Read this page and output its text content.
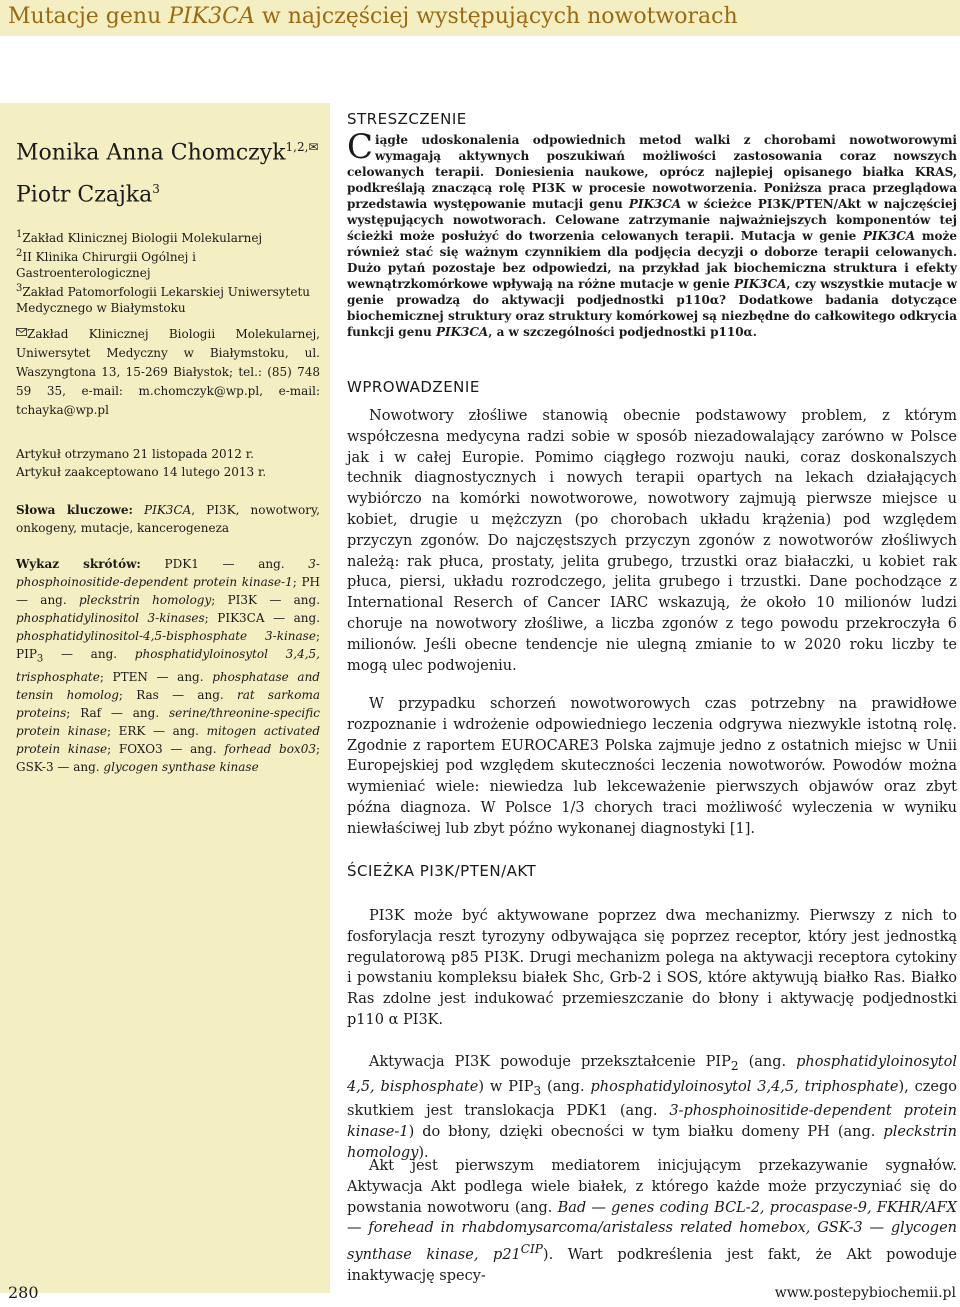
Mutacje genu PIK3CA w najczęściej występujących nowotworach
Monika Anna Chomczyk$^{1,2,✉}$
Piotr Czajka$^3$
$^1$Zakład Klinicznej Biologii Molekularnej
$^2$II Klinika Chirurgii Ogólnej i Gastroenterologicznej
$^3$Zakład Patomorfologii Lekarskiej Uniwersytetu Medycznego w Białymstoku
Zakład Klinicznej Biologii Molekularnej, Uniwersytet Medyczny w Białymstoku, ul. Waszyngtona 13, 15-269 Białystok; tel.: (85) 748 59 35, e-mail: m.chomczyk@wp.pl, e-mail: tchayka@wp.pl
Artykuł otrzymano 21 listopada 2012 r.
Artykuł zaakceptowano 14 lutego 2013 r.
Słowa kluczowe: PIK3CA, PI3K, nowotwory, onkogeny, mutacje, kancerogeneza
Wykaz skrótów: PDK1 — ang. 3-phosphoinositide-dependent protein kinase-1; PH — ang. pleckstrin homology; PI3K — ang. phosphatidylinositol 3-kinases; PIK3CA — ang. phosphatidylinositol-4,5-bisphosphate 3-kinase; $PIP_3$ — ang. phosphatidyloinosytol 3,4,5, trisphosphate; PTEN — ang. phosphatase and tensin homolog; Ras — ang. rat sarkoma proteins; Raf — ang. serine/threonine-specific protein kinase; ERK — ang. mitogen activated protein kinase; FOXO3 — ang. forhead box03; GSK-3 — ang. glycogen synthase kinase
STRESZCZENIE
C iągłe udoskonalenia odpowiednich metod walki z chorobami nowotworowymi wymagają aktywnych poszukiwań możliwości zastosowania coraz nowszych celowanych terapii. Doniesienia naukowe, oprócz najlepiej opisanego białka KRAS, podkreślają znaczącą rolę PI3K w procesie nowotworzenia. Poniższa praca przeglądowa przedstawia występowanie mutacji genu PIK3CA w ścieżce PI3K/PTEN/Akt w najczęściej występujących nowotworach. Celowane zatrzymanie najważniejszych komponentów tej ścieżki może posłużyć do tworzenia celowanych terapii. Mutacja w genie PIK3CA może również stać się ważnym czynnikiem dla podjęcia decyzji o doborze terapii celowanych. Dużo pytań pozostaje bez odpowiedzi, na przykład jak biochemiczna struktura i efekty wewnątrzkomórkowe wpływają na różne mutacje w genie PIK3CA, czy wszystkie mutacje w genie prowadzą do aktywacji podjednostki p110α? Dodatkowe badania dotyczące biochemicznej struktury oraz struktury komórkowej są niezbędne do całkowitego odkrycia funkcji genu PIK3CA, a w szczególności podjednostki p110α.
WPROWADZENIE
Nowotwory złośliwe stanowią obecnie podstawowy problem, z którym współczesna medycyna radzi sobie w sposób niezadowalający zarówno w Polsce jak i w całej Europie. Pomimo ciągłego rozwoju nauki, coraz doskonalszych technik diagnostycznych i nowych terapii opartych na lekach działających wybiórczo na komórki nowotworowe, nowotwory zajmują pierwsze miejsce u kobiet, drugie u mężczyzn (po chorobach układu krążenia) pod względem przyczyn zgonów. Do najczęstszych przyczyn zgonów z nowotworów złośliwych należą: rak płuca, prostaty, jelita grubego, trzustki oraz białaczki, u kobiet rak płuca, piersi, układu rozrodczego, jelita grubego i trzustki. Dane pochodzące z International Reserch of Cancer IARC wskazują, że około 10 milionów ludzi choruje na nowotwory złośliwe, a liczba zgonów z tego powodu przekroczyła 6 milionów. Jeśli obecne tendencje nie ulegną zmianie to w 2020 roku liczby te mogą ulec podwojeniu.
W przypadku schorzeń nowotworowych czas potrzebny na prawidłowe rozpoznanie i wdrożenie odpowiedniego leczenia odgrywa niezwykle istotną rolę. Zgodnie z raportem EUROCARE3 Polska zajmuje jedno z ostatnich miejsc w Unii Europejskiej pod względem skuteczności leczenia nowotworów. Powodów można wymieniać wiele: niewiedza lub lekceważenie pierwszych objawów oraz zbyt późna diagnoza. W Polsce 1/3 chorych traci możliwość wyleczenia w wyniku niewłaściwej lub zbyt późno wykonanej diagnostyki [1].
ŚCIEŻKA PI3K/PTEN/AKT
PI3K może być aktywowane poprzez dwa mechanizmy. Pierwszy z nich to fosforylacja reszt tyrozyny odbywająca się poprzez receptor, który jest jednostką regulatorową p85 PI3K. Drugi mechanizm polega na aktywacji receptora cytokiny i powstaniu kompleksu białek Shc, Grb-2 i SOS, które aktywują białko Ras. Białko Ras zdolne jest indukować przemieszczanie do błony i aktywację podjednostki p110 α PI3K.
Aktywacja PI3K powoduje przekształcenie $PIP_2$ (ang. phosphatidyloinosytol 4,5, bisphosphate) w $PIP_3$ (ang. phosphatidyloinosytol 3,4,5, triphosphate), czego skutkiem jest translokacja PDK1 (ang. 3-phosphoinositide-dependent protein kinase-1) do błony, dzięki obecności w tym białku domeny PH (ang. pleckstrin homology).
Akt jest pierwszym mediatorem inicjującym przekazywanie sygnałów. Aktywacja Akt podlega wiele białek, z którego każde może przyczyniać się do powstania nowotworu (ang. Bad — genes coding BCL-2, procaspase-9, FKHR/AFX — forehead in rhabdomysarcoma/aristaless related homebox, GSK-3 — glycogen synthase kinase, $p21^{CIP}$). Wart podkreślenia jest fakt, że Akt powoduje inaktywację specy-
280	www.postepybiochemii.pl
